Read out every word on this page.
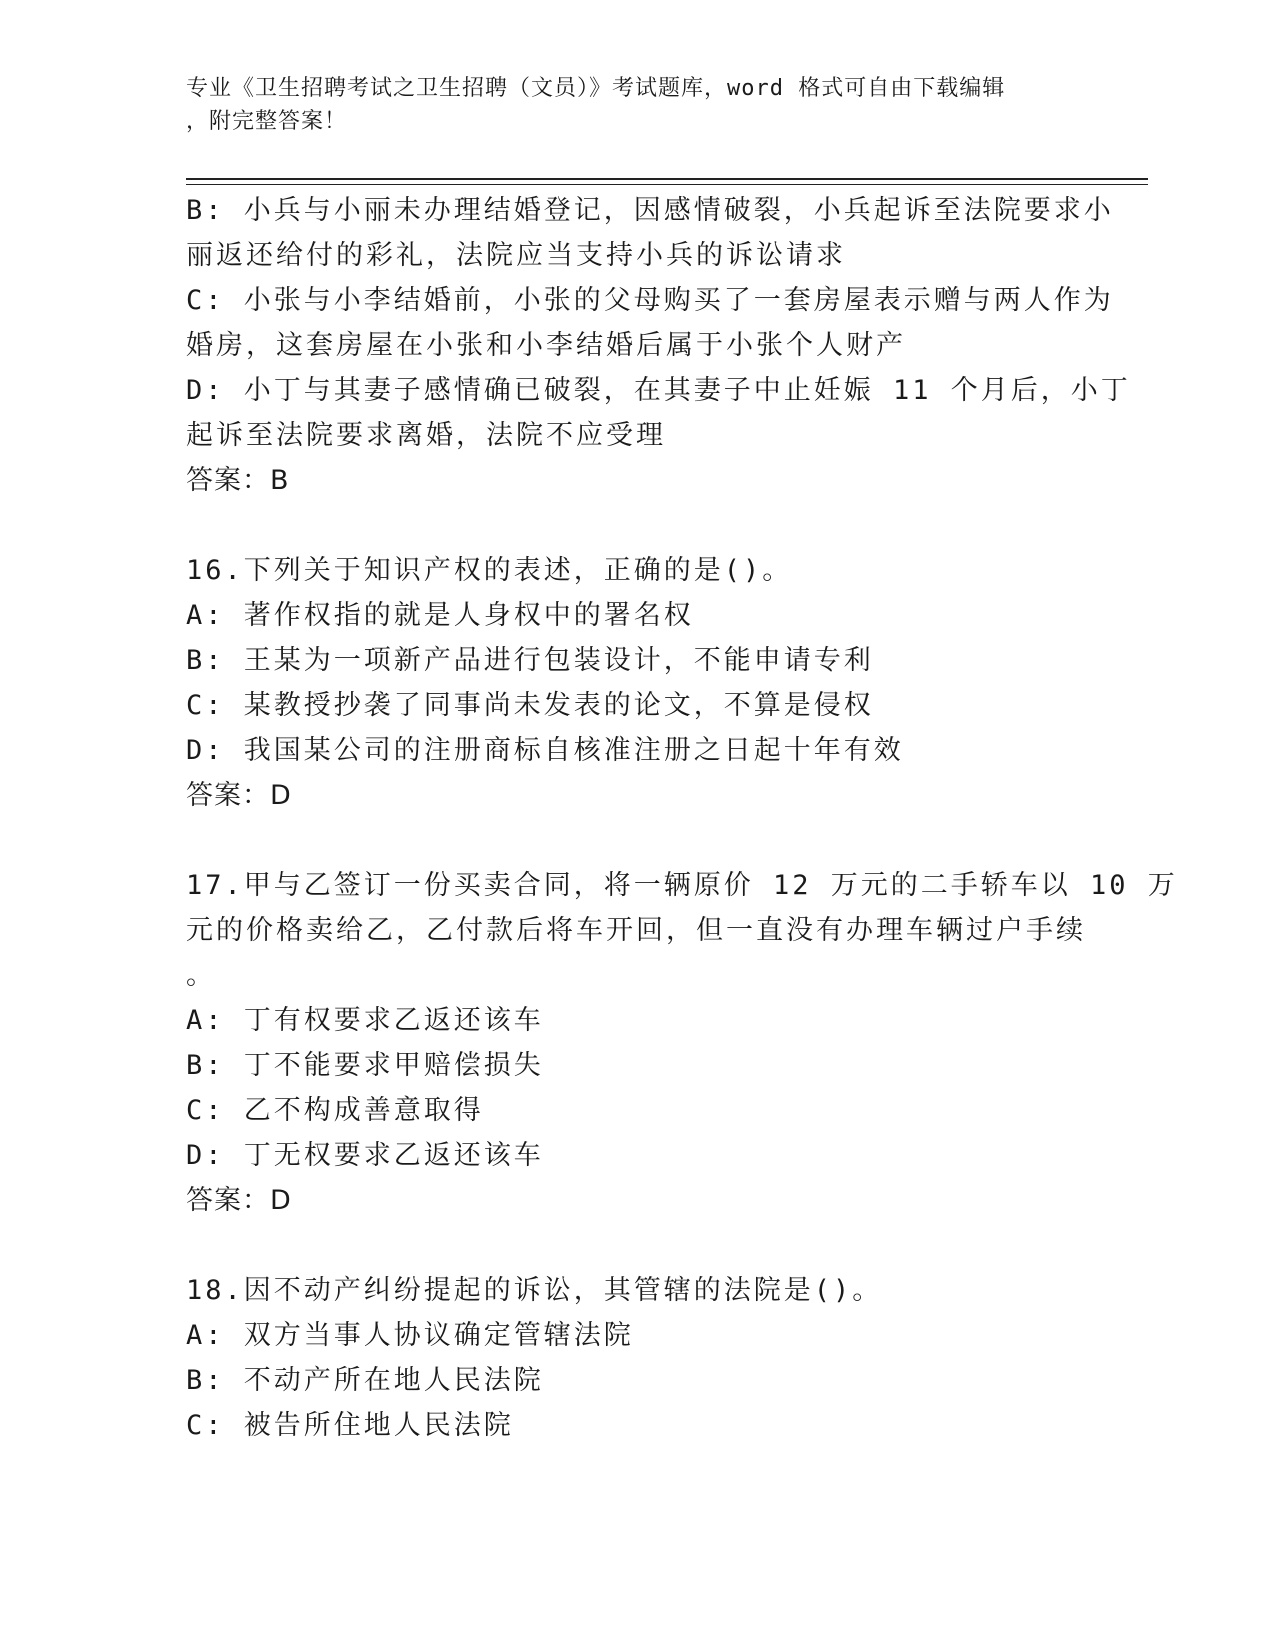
专业《卫生招聘考试之卫生招聘（文员）》考试题库，word 格式可自由下载编辑
，附完整答案！
B: 小兵与小丽未办理结婚登记，因感情破裂，小兵起诉至法院要求小
丽返还给付的彩礼，法院应当支持小兵的诉讼请求
C: 小张与小李结婚前，小张的父母购买了一套房屋表示赠与两人作为
婚房，这套房屋在小张和小李结婚后属于小张个人财产
D: 小丁与其妻子感情确已破裂，在其妻子中止妊娠 11 个月后，小丁
起诉至法院要求离婚，法院不应受理
答案：B
16.下列关于知识产权的表述，正确的是()。
A: 著作权指的就是人身权中的署名权
B: 王某为一项新产品进行包装设计，不能申请专利
C: 某教授抄袭了同事尚未发表的论文，不算是侵权
D: 我国某公司的注册商标自核准注册之日起十年有效
答案：D
17.甲与乙签订一份买卖合同，将一辆原价 12 万元的二手轿车以 10 万
元的价格卖给乙，乙付款后将车开回，但一直没有办理车辆过户手续
。
A: 丁有权要求乙返还该车
B: 丁不能要求甲赔偿损失
C: 乙不构成善意取得
D: 丁无权要求乙返还该车
答案：D
18.因不动产纠纷提起的诉讼，其管辖的法院是()。
A: 双方当事人协议确定管辖法院
B: 不动产所在地人民法院
C: 被告所住地人民法院
